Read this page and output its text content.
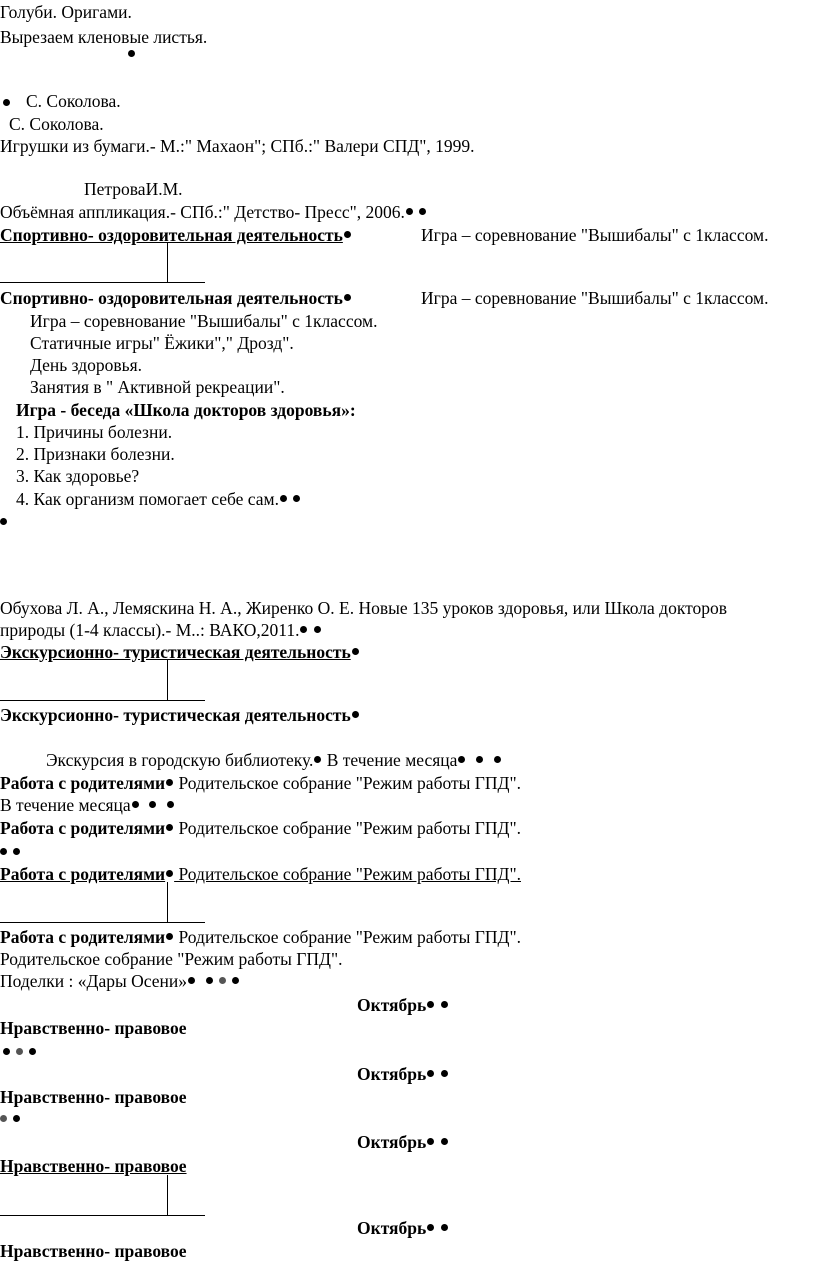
Голуби. Оригами.
Вырезаем кленовые листья.
С. Соколова.
С. Соколова.
Игрушки из бумаги.- М.:" Махаон"; СПб.:" Валери СПД", 1999.
ПетроваИ.М.
Объёмная аппликация.- СПб.:" Детство- Пресс", 2006.
Спортивно- оздоровительная деятельность	Игра – соревнование "Вышибалы" с 1классом.
Спортивно- оздоровительная деятельность	Игра – соревнование "Вышибалы" с 1классом.
Игра – соревнование "Вышибалы" с 1классом.
Статичные игры" Ёжики"," Дрозд".
День здоровья.
Занятия в " Активной рекреации".
Игра - беседа «Школа докторов здоровья»:
1. Причины болезни.
2. Признаки болезни.
3. Как здоровье?
4. Как организм помогает себе сам.
Обухова Л. А., Лемяскина Н. А., Жиренко О. Е. Новые 135 уроков здоровья, или Школа докторов
природы (1-4 классы).- М..: ВАКО,2011.
Экскурсионно- туристическая деятельность
Экскурсионно- туристическая деятельность
Экскурсия в городскую библиотеку. В течение месяца
Работа с родителями Родительское собрание "Режим работы ГПД".
В течение месяца
Работа с родителями Родительское собрание "Режим работы ГПД".
Работа с родителями Родительское собрание "Режим работы ГПД".
Работа с родителями Родительское собрание "Режим работы ГПД".
Родительское собрание "Режим работы ГПД".
Поделки : «Дары Осени»
Октябрь
Нравственно- правовое
Октябрь
Нравственно- правовое
Октябрь
Нравственно- правовое
Октябрь
Нравственно- правовое
